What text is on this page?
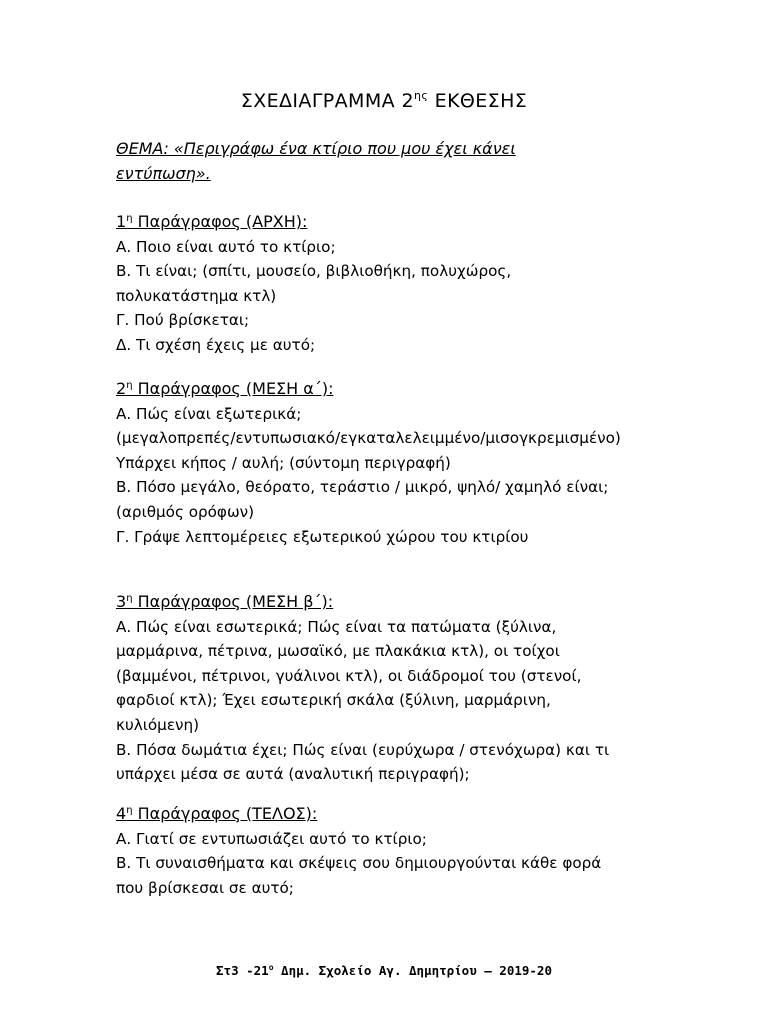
ΣΧΕΔΙΑΓΡΑΜΜΑ $2^{\eta\varsigma}$ ΕΚΘΕΣΗΣ
ΘΕΜΑ: «Περιγράφω ένα κτίριο που μου έχει κάνει
εντύπωση».
$1^\eta$ Παράγραφος (ΑΡΧΗ):
Α. Ποιο είναι αυτό το κτίριο;
Β. Τι είναι; (σπίτι, μουσείο, βιβλιοθήκη, πολυχώρος,
πολυκατάστημα κτλ)
Γ. Πού βρίσκεται;
Δ. Τι σχέση έχεις με αυτό;
$2^\eta$ Παράγραφος (ΜΕΣΗ α΄):
Α. Πώς είναι εξωτερικά;
(μεγαλοπρεπές/εντυπωσιακό/εγκαταλελειμμένο/μισογκρεμισμένο)
Υπάρχει κήπος / αυλή; (σύντομη περιγραφή)
Β. Πόσο μεγάλο, θεόρατο, τεράστιο / μικρό, ψηλό/ χαμηλό είναι;
(αριθμός ορόφων)
Γ. Γράψε λεπτομέρειες εξωτερικού χώρου του κτιρίου
$3^\eta$ Παράγραφος (ΜΕΣΗ β΄):
Α. Πώς είναι εσωτερικά; Πώς είναι τα πατώματα (ξύλινα,
μαρμάρινα, πέτρινα, μωσαϊκό, με πλακάκια κτλ), οι τοίχοι
(βαμμένοι, πέτρινοι, γυάλινοι κτλ), οι διάδρομοί του (στενοί,
φαρδιοί κτλ); Έχει εσωτερική σκάλα (ξύλινη, μαρμάρινη,
κυλιόμενη)
Β. Πόσα δωμάτια έχει; Πώς είναι (ευρύχωρα / στενόχωρα) και τι
υπάρχει μέσα σε αυτά (αναλυτική περιγραφή);
$4^\eta$ Παράγραφος (ΤΕΛΟΣ):
Α. Γιατί σε εντυπωσιάζει αυτό το κτίριο;
Β. Τι συναισθήματα και σκέψεις σου δημιουργούνται κάθε φορά
που βρίσκεσαι σε αυτό;
Στ3 $-21^o$ Δημ. Σχολείο Αγ. Δημητρίου – 2019-20
